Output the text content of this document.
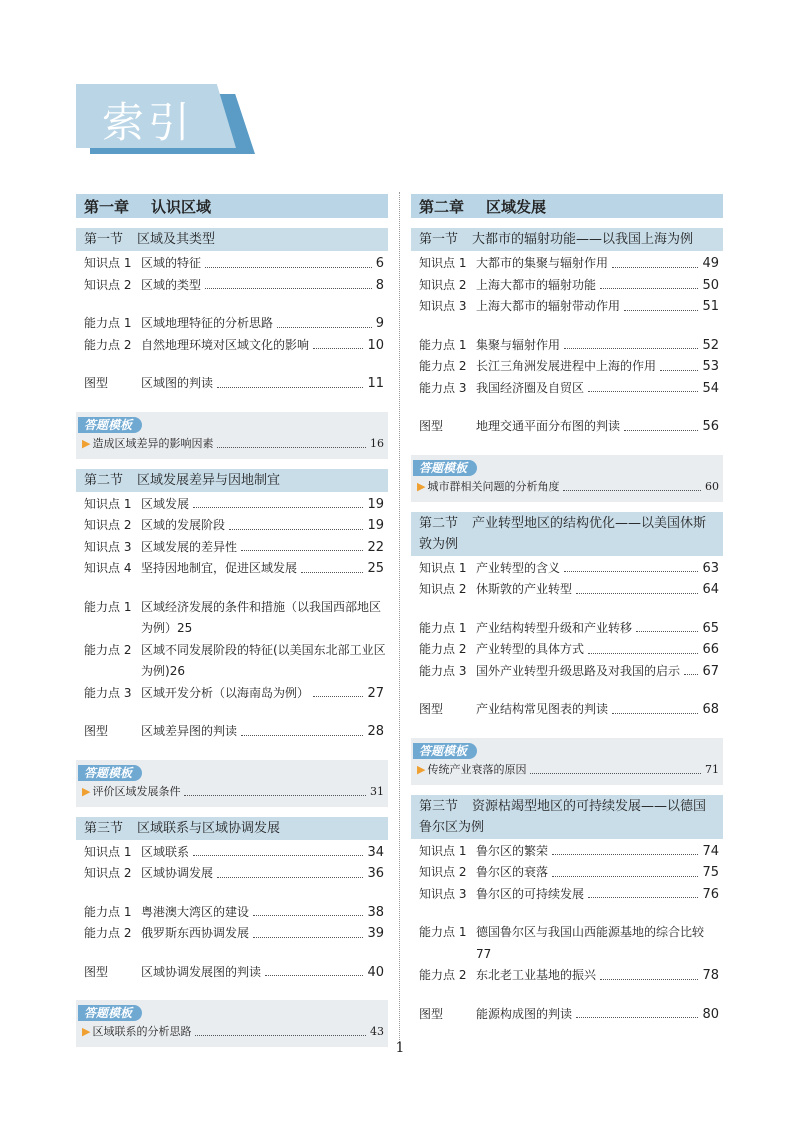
索引
第一章 认识区域
第一节 区域及其类型
知识点 1 区域的特征	6
知识点 2 区域的类型	8
能力点 1 区域地理特征的分析思路	9
能力点 2 自然地理环境对区域文化的影响	10
图型	区域图的判读	11
答题模板
▶ 造成区域差异的影响因素	16
第二节 区域发展差异与因地制宜
知识点 1 区域发展	19
知识点 2 区域的发展阶段	19
知识点 3 区域发展的差异性	22
知识点 4 坚持因地制宜，促进区域发展	25
能力点 1 区域经济发展的条件和措施（以我国西部地区
为例） 25
能力点 2 区域不同发展阶段的特征(以美国东北部工业区
为例) 26
能力点 3 区域开发分析（以海南岛为例）	27
图型	区域差异图的判读	28
答题模板
▶ 评价区域发展条件	31
第三节 区域联系与区域协调发展
知识点 1 区域联系	34
知识点 2 区域协调发展	36
能力点 1 粤港澳大湾区的建设	38
能力点 2 俄罗斯东西协调发展	39
图型	区域协调发展图的判读	40
答题模板
▶ 区域联系的分析思路	43
第二章 区域发展
第一节 大都市的辐射功能——以我国上海为例
知识点 1 大都市的集聚与辐射作用	49
知识点 2 上海大都市的辐射功能	50
知识点 3 上海大都市的辐射带动作用	51
能力点 1 集聚与辐射作用	52
能力点 2 长江三角洲发展进程中上海的作用	53
能力点 3 我国经济圈及自贸区	54
图型	地理交通平面分布图的判读	56
答题模板
▶ 城市群相关问题的分析角度	60
第二节 产业转型地区的结构优化——以美国休斯敦为例
知识点 1 产业转型的含义	63
知识点 2 休斯敦的产业转型	64
能力点 1 产业结构转型升级和产业转移	65
能力点 2 产业转型的具体方式	66
能力点 3 国外产业转型升级思路及对我国的启示 67
图型	产业结构常见图表的判读	68
答题模板
▶ 传统产业衰落的原因	71
第三节 资源枯竭型地区的可持续发展——以德国鲁尔区为例
知识点 1 鲁尔区的繁荣	74
知识点 2 鲁尔区的衰落	75
知识点 3 鲁尔区的可持续发展	76
能力点 1 德国鲁尔区与我国山西能源基地的综合比较
77
能力点 2 东北老工业基地的振兴	78
图型	能源构成图的判读	80
1
